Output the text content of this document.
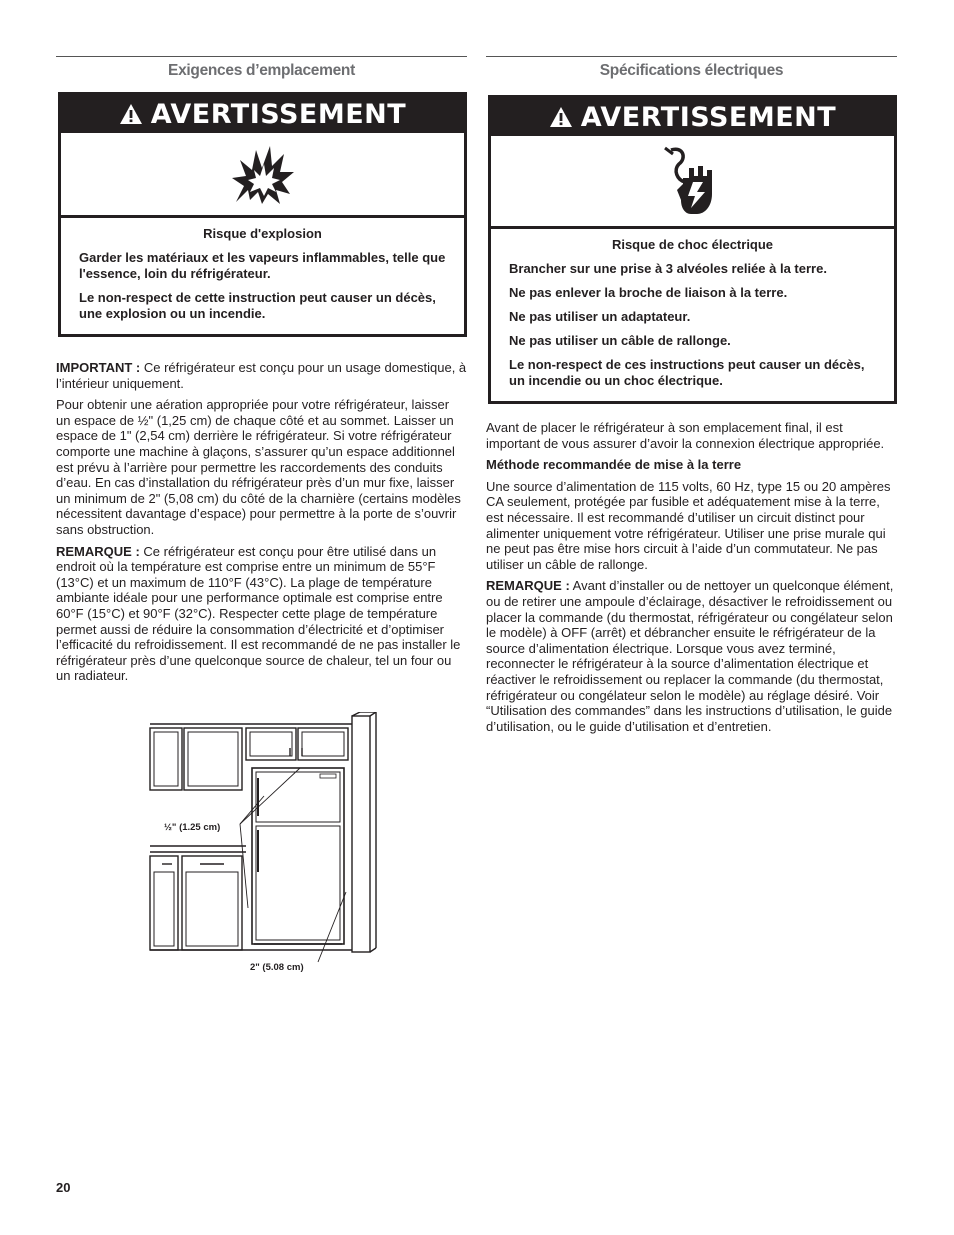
Exigences d’emplacement
AVERTISSEMENT
Risque d'explosion

Garder les matériaux et les vapeurs inflammables, telle que l'essence, loin du réfrigérateur.

Le non-respect de cette instruction peut causer un décès, une explosion ou un incendie.

IMPORTANT : Ce réfrigérateur est conçu pour un usage domestique, à l’intérieur uniquement.

Pour obtenir une aération appropriée pour votre réfrigérateur, laisser un espace de ½" (1,25 cm) de chaque côté et au sommet. Laisser un espace de 1" (2,54 cm) derrière le réfrigérateur. Si votre réfrigérateur comporte une machine à glaçons, s’assurer qu’un espace additionnel est prévu à l’arrière pour permettre les raccordements des conduits d’eau. En cas d’installation du réfrigérateur près d’un mur fixe, laisser un minimum de 2" (5,08 cm) du côté de la charnière (certains modèles nécessitent davantage d’espace) pour permettre à la porte de s’ouvrir sans obstruction.

REMARQUE : Ce réfrigérateur est conçu pour être utilisé dans un endroit où la température est comprise entre un minimum de 55°F (13°C) et un maximum de 110°F (43°C). La plage de température ambiante idéale pour une performance optimale est comprise entre 60°F (15°C) et 90°F (32°C). Respecter cette plage de température permet aussi de réduire la consommation d’électricité et d’optimiser l’efficacité du refroidissement. Il est recommandé de ne pas installer le réfrigérateur près d’une quelconque source de chaleur, tel un four ou un radiateur.

½" (1.25 cm)
2" (5.08 cm)
Spécifications électriques
AVERTISSEMENT
Risque de choc électrique

Brancher sur une prise à 3 alvéoles reliée à la terre.

Ne pas enlever la broche de liaison à la terre.

Ne pas utiliser un adaptateur.

Ne pas utiliser un câble de rallonge.

Le non-respect de ces instructions peut causer un décès, un incendie ou un choc électrique.

Avant de placer le réfrigérateur à son emplacement final, il est important de vous assurer d’avoir la connexion électrique appropriée.

Méthode recommandée de mise à la terre

Une source d’alimentation de 115 volts, 60 Hz, type 15 ou 20 ampères CA seulement, protégée par fusible et adéquatement mise à la terre, est nécessaire. Il est recommandé d’utiliser un circuit distinct pour alimenter uniquement votre réfrigérateur. Utiliser une prise murale qui ne peut pas être mise hors circuit à l’aide d’un commutateur. Ne pas utiliser un câble de rallonge.

REMARQUE : Avant d’installer ou de nettoyer un quelconque élément, ou de retirer une ampoule d’éclairage, désactiver le refroidissement ou placer la commande (du thermostat, réfrigérateur ou congélateur selon le modèle) à OFF (arrêt) et débrancher ensuite le réfrigérateur de la source d’alimentation électrique. Lorsque vous avez terminé, reconnecter le réfrigérateur à la source d’alimentation électrique et réactiver le refroidissement ou replacer la commande (du thermostat, réfrigérateur ou congélateur selon le modèle) au réglage désiré. Voir “Utilisation des commandes” dans les instructions d’utilisation, le guide d’utilisation, ou le guide d’utilisation et d’entretien.

20
